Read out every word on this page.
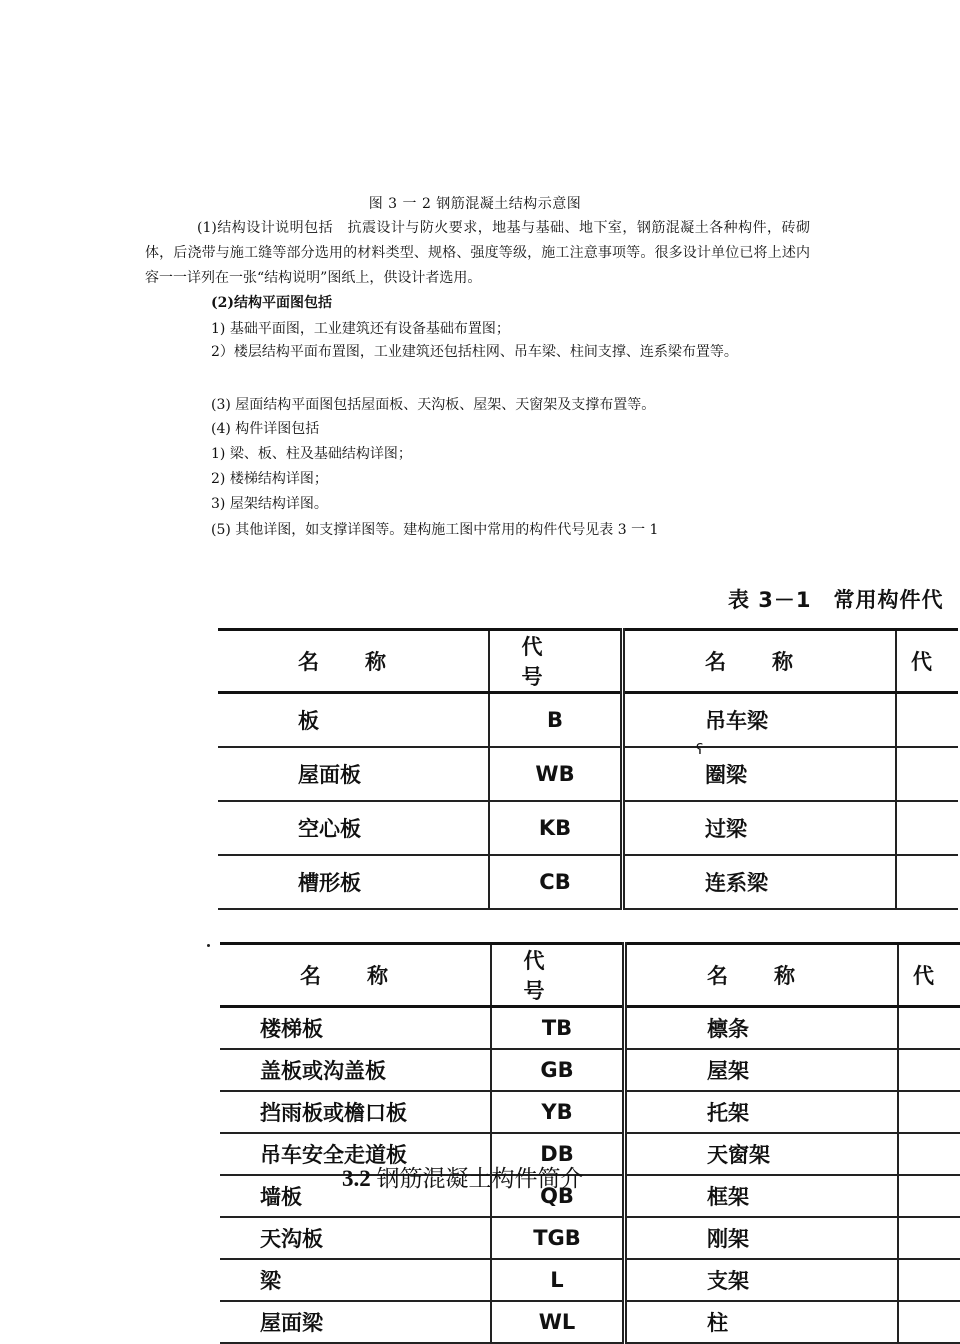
图 3 一 2 钢筋混凝土结构示意图
(1)结构设计说明包括　抗震设计与防火要求，地基与基础、地下室，钢筋混凝土各种构件，砖砌体，后浇带与施工缝等部分选用的材料类型、规格、强度等级，施工注意事项等。很多设计单位已将上述内容一一详列在一张“结构说明”图纸上，供设计者选用。
(2)结构平面图包括
1) 基础平面图，工业建筑还有设备基础布置图；
2）楼层结构平面布置图，工业建筑还包括柱网、吊车梁、柱间支撑、连系梁布置等。
(3) 屋面结构平面图包括屋面板、天沟板、屋架、天窗架及支撑布置等。
(4) 构件详图包括
1) 梁、板、柱及基础结构详图；
2) 楼梯结构详图；
3) 屋架结构详图。
(5) 其他详图，如支撑详图等。建构施工图中常用的构件代号见表 3 一 1
表 3－1　常用构件代
名称	代号	名称	代
板	B	吊车梁	
屋面板	WB	圈梁	
空心板	KB	过梁	
槽形板	CB	连系梁	
ʕ
名称	代号	名称	代
楼梯板	TB	檩条	
盖板或沟盖板	GB	屋架	
挡雨板或檐口板	YB	托架	
吊车安全走道板	DB	天窗架	
墙板	QB	框架	
天沟板	TGB	刚架	
梁	L	支架	
屋面梁	WL	柱	
3.2 钢筋混凝土构件简介
